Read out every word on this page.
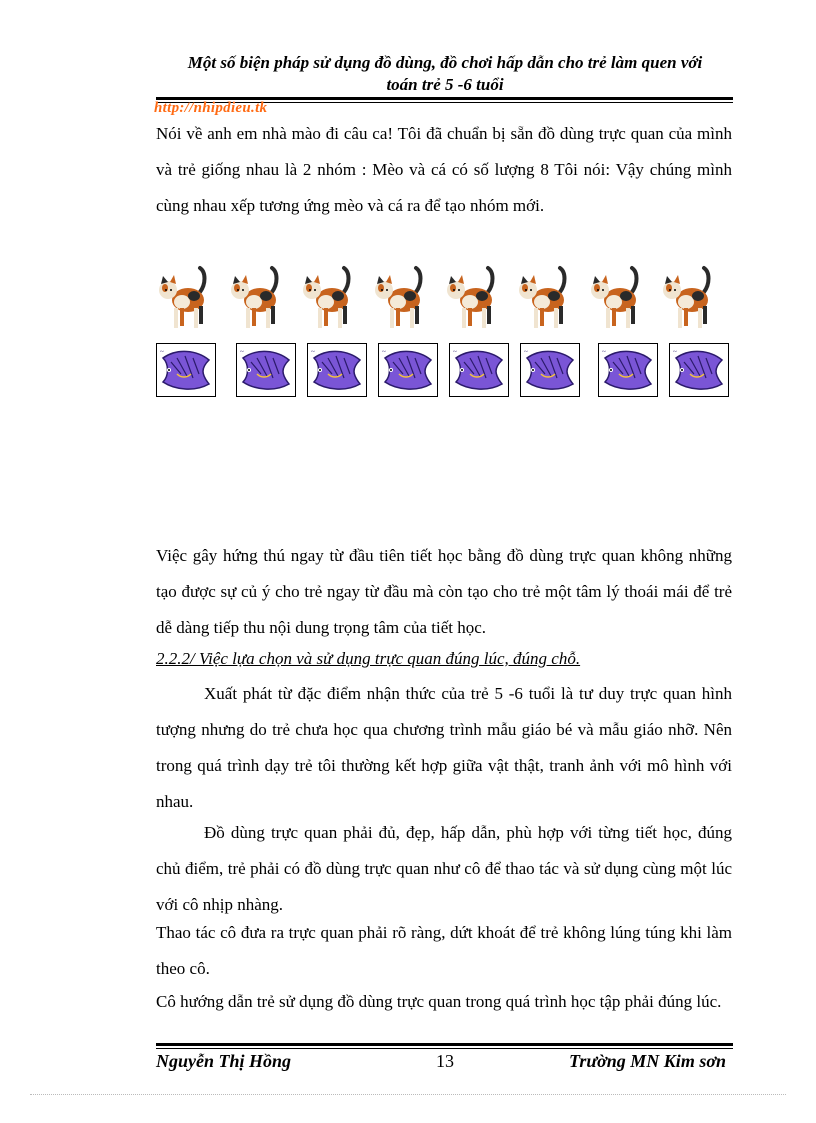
Một số biện pháp sử dụng đồ dùng, đồ chơi hấp dẫn cho trẻ làm quen với
toán trẻ 5 -6 tuổi
http://nhipdieu.tk
Nói về anh em nhà mào đi câu ca! Tôi đã chuẩn bị sẵn đồ dùng trực quan của mình và trẻ giống nhau là 2 nhóm : Mèo và cá có số lượng 8 Tôi nói: Vậy chúng mình cùng nhau xếp tương ứng mèo và cá ra để tạo nhóm mới.
~	~	~	~	~	~	~	~
Việc gây hứng thú ngay từ đầu tiên tiết học bằng đồ dùng trực quan không những tạo được sự củ ý cho trẻ ngay từ đầu mà còn tạo cho trẻ một tâm lý thoái mái để trẻ dễ dàng tiếp thu nội dung trọng tâm của tiết học.
2.2.2/ Việc lựa chọn và sử dụng trực quan đúng lúc, đúng chỗ.
Xuất phát từ đặc điểm nhận thức của trẻ 5 -6 tuổi là tư duy trực quan hình tượng nhưng do trẻ chưa học qua chương trình mẫu giáo bé và mẫu giáo nhỡ. Nên trong quá trình dạy trẻ tôi thường kết hợp giữa vật thật, tranh ảnh với mô hình với nhau.
Đồ dùng trực quan phải đủ, đẹp, hấp dẫn, phù hợp với từng tiết học, đúng chủ điểm, trẻ phải có đồ dùng trực quan như cô để thao tác và sử dụng cùng một lúc với cô nhịp nhàng.
Thao tác cô đưa ra trực quan phải rõ ràng, dứt khoát để trẻ không lúng túng khi làm theo cô.
Cô hướng dẫn trẻ sử dụng đồ dùng trực quan trong quá trình học tập phải đúng lúc.
Nguyễn Thị Hồng	13	Trường MN Kim sơn
